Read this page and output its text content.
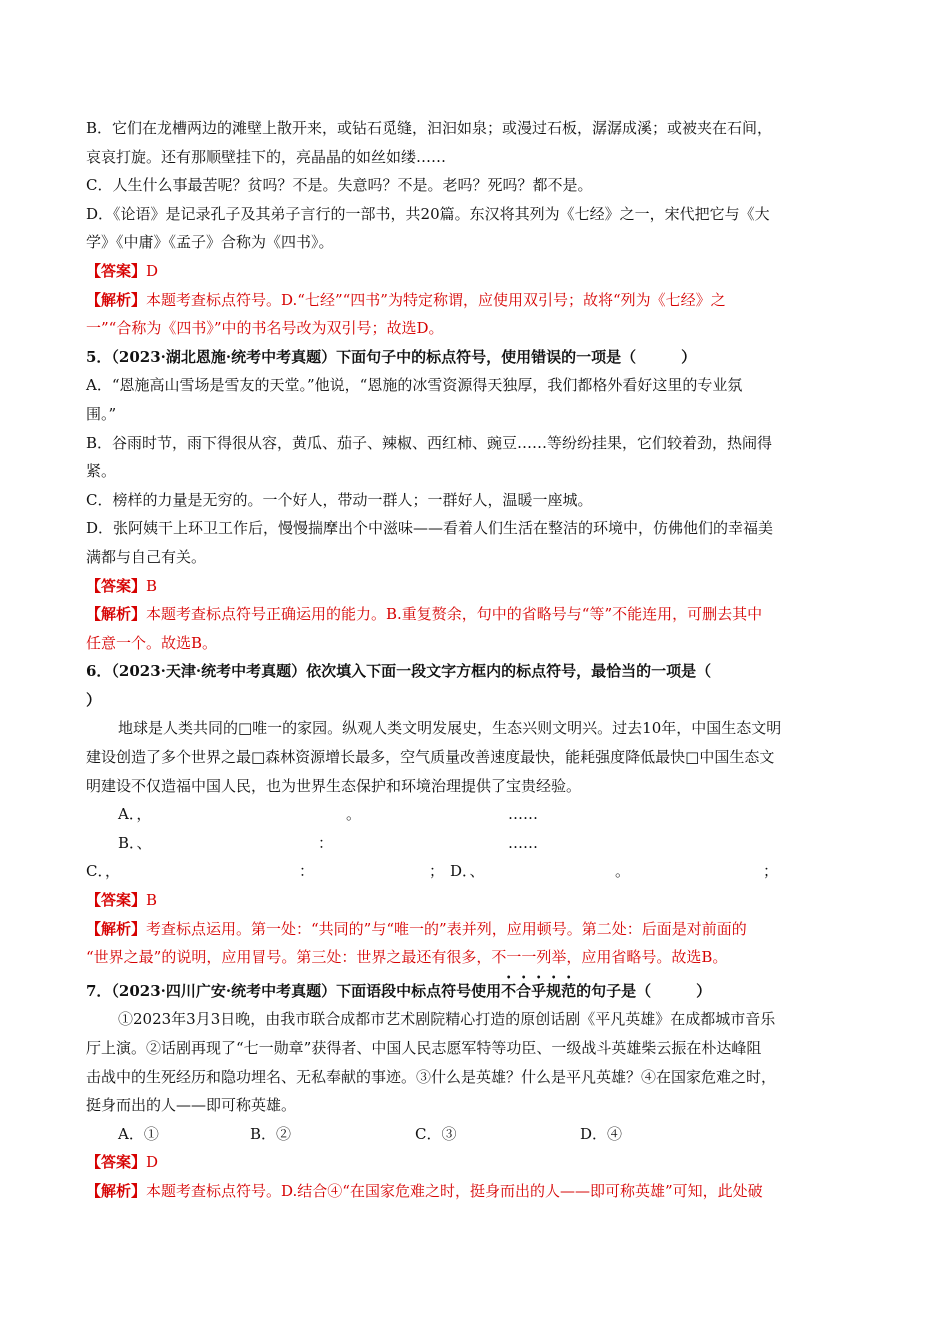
B．它们在龙槽两边的滩壁上散开来，或钻石觅缝，汩汩如泉；或漫过石板，潺潺成溪；或被夹在石间，
哀哀打旋。还有那顺壁挂下的，亮晶晶的如丝如缕……
C．人生什么事最苦呢？贫吗？不是。失意吗？不是。老吗？死吗？都不是。
D．《论语》是记录孔子及其弟子言行的一部书，共20篇。东汉将其列为《七经》之一，宋代把它与《大
学》《中庸》《孟子》合称为《四书》。
【答案】D
【解析】本题考查标点符号。D.“七经”“四书”为特定称谓，应使用双引号；故将“列为《七经》之
一”“合称为《四书》”中的书名号改为双引号；故选D。
5．（2023·湖北恩施·统考中考真题）下面句子中的标点符号，使用错误的一项是（　　　）
A．“恩施高山雪场是雪友的天堂。”他说，“恩施的冰雪资源得天独厚，我们都格外看好这里的专业氛
围。”
B．谷雨时节，雨下得很从容，黄瓜、茄子、辣椒、西红柿、豌豆……等纷纷挂果，它们较着劲，热闹得
紧。
C．榜样的力量是无穷的。一个好人，带动一群人；一群好人，温暖一座城。
D．张阿姨干上环卫工作后，慢慢揣摩出个中滋味——看着人们生活在整洁的环境中，仿佛他们的幸福美
满都与自己有关。
【答案】B
【解析】本题考查标点符号正确运用的能力。B.重复赘余，句中的省略号与“等”不能连用，可删去其中
任意一个。故选B。
6．（2023·天津·统考中考真题）依次填入下面一段文字方框内的标点符号，最恰当的一项是（
）
地球是人类共同的□唯一的家园。纵观人类文明发展史，生态兴则文明兴。过去10年，中国生态文明
建设创造了多个世界之最□森林资源增长最多，空气质量改善速度最快，能耗强度降低最快□中国生态文
明建设不仅造福中国人民，也为世界生态保护和环境治理提供了宝贵经验。
A．，	。	……
B．、	：	……
C．，	：	； D．、	。	；
【答案】B
【解析】考查标点运用。第一处：“共同的”与“唯一的”表并列，应用顿号。第二处：后面是对前面的
“世界之最”的说明，应用冒号。第三处：世界之最还有很多，不一一列举，应用省略号。故选B。
7．（2023·四川广安·统考中考真题）下面语段中标点符号使用不合乎规范的句子是（　　　）
①2023年3月3日晚，由我市联合成都市艺术剧院精心打造的原创话剧《平凡英雄》在成都城市音乐
厅上演。②话剧再现了“七一勋章”获得者、中国人民志愿军特等功臣、一级战斗英雄柴云振在朴达峰阻
击战中的生死经历和隐功埋名、无私奉献的事迹。③什么是英雄？什么是平凡英雄？④在国家危难之时，
挺身而出的人——即可称英雄。
A．①	B．②	C．③	D．④
【答案】D
【解析】本题考查标点符号。D.结合④“在国家危难之时，挺身而出的人——即可称英雄”可知，此处破
